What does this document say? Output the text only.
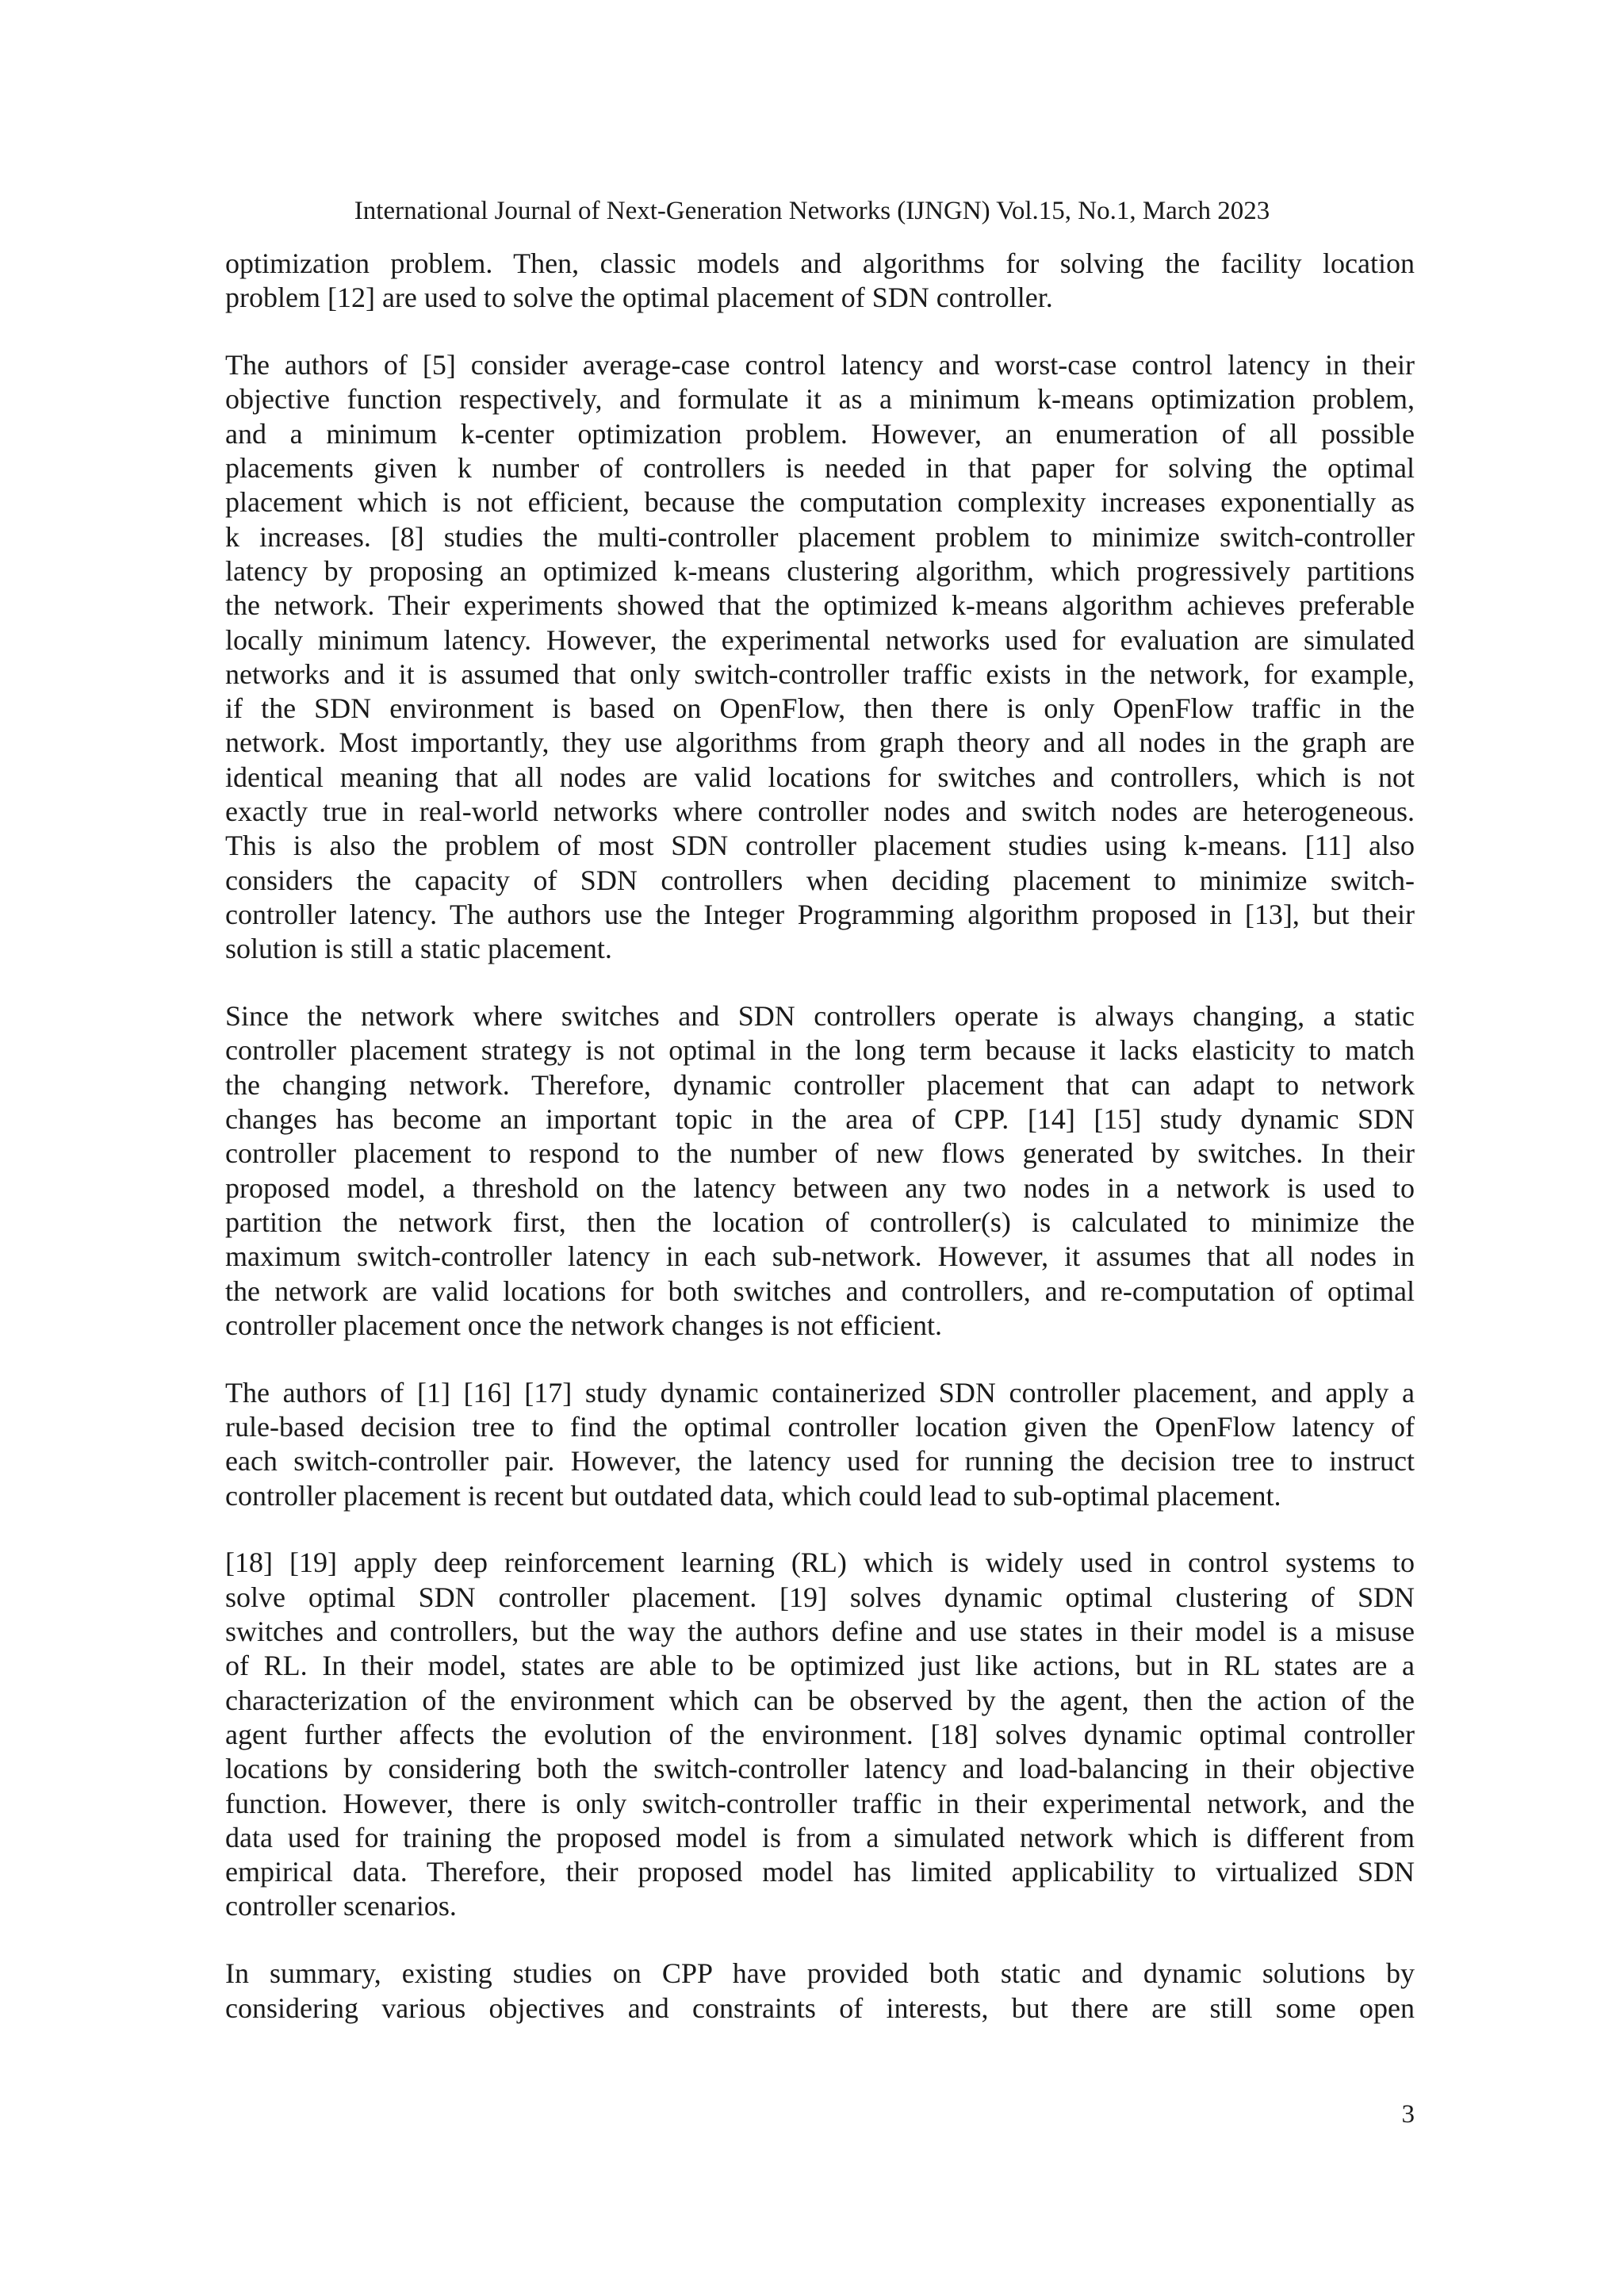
International Journal of Next-Generation Networks (IJNGN) Vol.15, No.1, March 2023

optimization problem. Then, classic models and algorithms for solving the facility location
problem [12] are used to solve the optimal placement of SDN controller.

The authors of [5] consider average-case control latency and worst-case control latency in their
objective function respectively, and formulate it as a minimum k-means optimization problem,
and a minimum k-center optimization problem. However, an enumeration of all possible
placements given k number of controllers is needed in that paper for solving the optimal
placement which is not efficient, because the computation complexity increases exponentially as
k increases. [8] studies the multi-controller placement problem to minimize switch-controller
latency by proposing an optimized k-means clustering algorithm, which progressively partitions
the network. Their experiments showed that the optimized k-means algorithm achieves preferable
locally minimum latency. However, the experimental networks used for evaluation are simulated
networks and it is assumed that only switch-controller traffic exists in the network, for example,
if the SDN environment is based on OpenFlow, then there is only OpenFlow traffic in the
network. Most importantly, they use algorithms from graph theory and all nodes in the graph are
identical meaning that all nodes are valid locations for switches and controllers, which is not
exactly true in real-world networks where controller nodes and switch nodes are heterogeneous.
This is also the problem of most SDN controller placement studies using k-means. [11] also
considers the capacity of SDN controllers when deciding placement to minimize switch-
controller latency. The authors use the Integer Programming algorithm proposed in [13], but their
solution is still a static placement.

Since the network where switches and SDN controllers operate is always changing, a static
controller placement strategy is not optimal in the long term because it lacks elasticity to match
the changing network. Therefore, dynamic controller placement that can adapt to network
changes has become an important topic in the area of CPP. [14] [15] study dynamic SDN
controller placement to respond to the number of new flows generated by switches. In their
proposed model, a threshold on the latency between any two nodes in a network is used to
partition the network first, then the location of controller(s) is calculated to minimize the
maximum switch-controller latency in each sub-network. However, it assumes that all nodes in
the network are valid locations for both switches and controllers, and re-computation of optimal
controller placement once the network changes is not efficient.

The authors of [1] [16] [17] study dynamic containerized SDN controller placement, and apply a
rule-based decision tree to find the optimal controller location given the OpenFlow latency of
each switch-controller pair. However, the latency used for running the decision tree to instruct
controller placement is recent but outdated data, which could lead to sub-optimal placement.

[18] [19] apply deep reinforcement learning (RL) which is widely used in control systems to
solve optimal SDN controller placement. [19] solves dynamic optimal clustering of SDN
switches and controllers, but the way the authors define and use states in their model is a misuse
of RL. In their model, states are able to be optimized just like actions, but in RL states are a
characterization of the environment which can be observed by the agent, then the action of the
agent further affects the evolution of the environment. [18] solves dynamic optimal controller
locations by considering both the switch-controller latency and load-balancing in their objective
function. However, there is only switch-controller traffic in their experimental network, and the
data used for training the proposed model is from a simulated network which is different from
empirical data. Therefore, their proposed model has limited applicability to virtualized SDN
controller scenarios.

In summary, existing studies on CPP have provided both static and dynamic solutions by
considering various objectives and constraints of interests, but there are still some open

3
